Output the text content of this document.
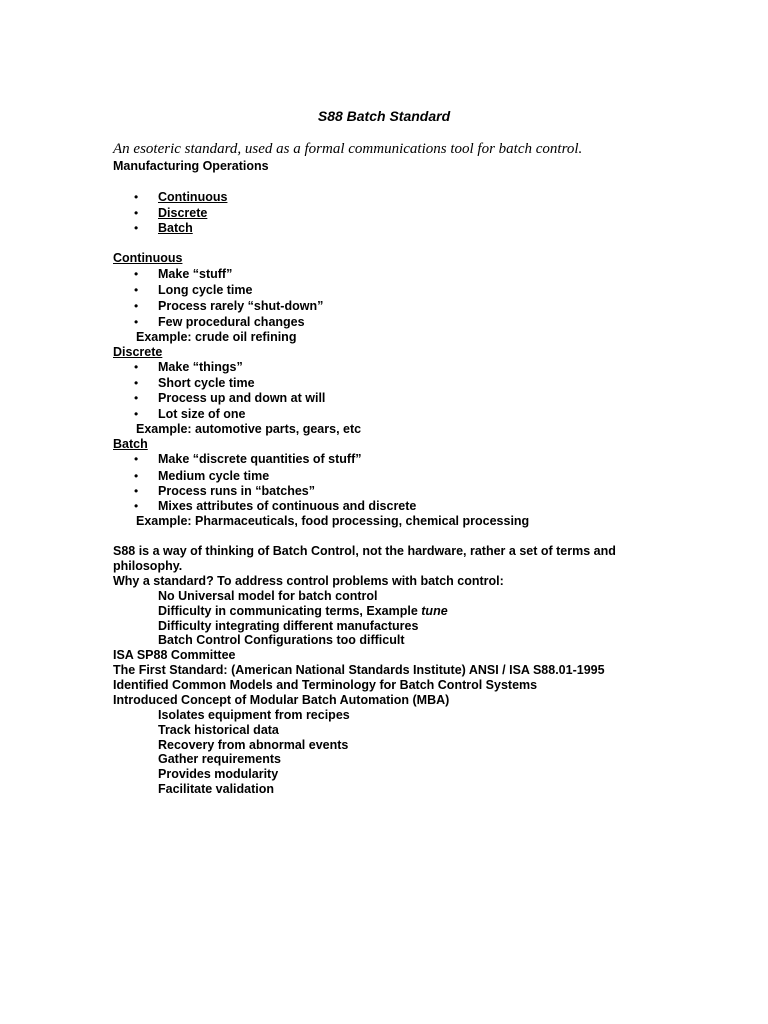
S88 Batch Standard
An esoteric standard, used as a formal communications tool for batch control.
Manufacturing Operations
• Continuous
• Discrete
• Batch
Continuous
• Make “stuff”
• Long cycle time
• Process rarely “shut-down”
• Few procedural changes
Example: crude oil refining
Discrete
• Make “things”
• Short cycle time
• Process up and down at will
• Lot size of one
Example: automotive parts, gears, etc
Batch
• Make “discrete quantities of stuff”
• Medium cycle time
• Process runs in “batches”
• Mixes attributes of continuous and discrete
Example: Pharmaceuticals, food processing, chemical processing
S88 is a way of thinking of Batch Control, not the hardware, rather a set of terms and philosophy.
Why a standard? To address control problems with batch control:
No Universal model for batch control
Difficulty in communicating terms, Example tune
Difficulty integrating different manufactures
Batch Control Configurations too difficult
ISA SP88 Committee
The First Standard: (American National Standards Institute) ANSI / ISA S88.01-1995
Identified Common Models and Terminology for Batch Control Systems
Introduced Concept of Modular Batch Automation (MBA)
Isolates equipment from recipes
Track historical data
Recovery from abnormal events
Gather requirements
Provides modularity
Facilitate validation
